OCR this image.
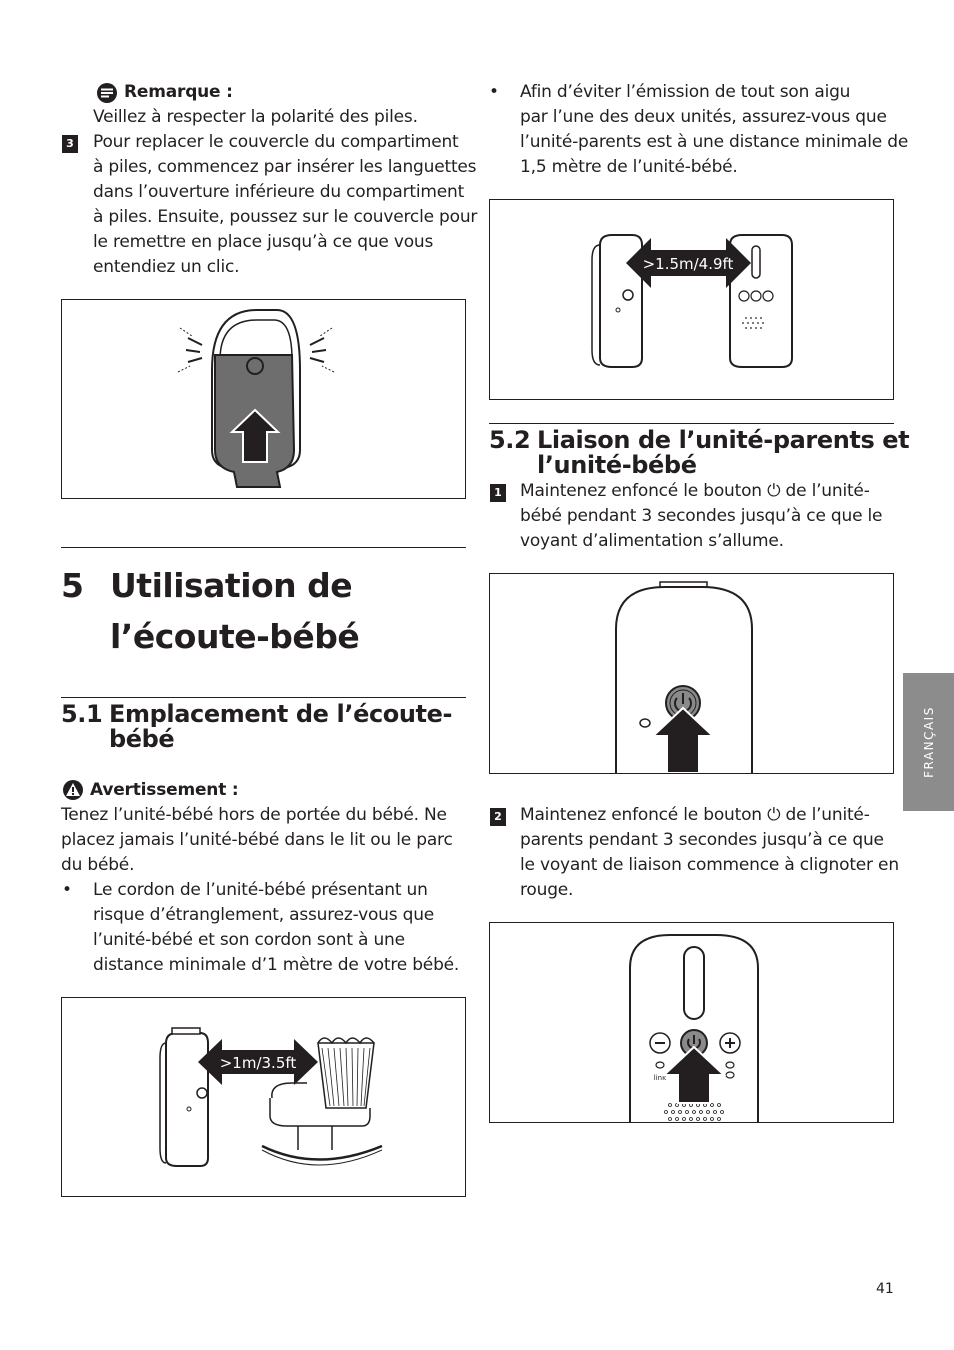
Remarque :
Veillez à respecter la polarité des piles.
3 Pour replacer le couvercle du compartiment
à piles, commencez par insérer les languettes
dans l’ouverture inférieure du compartiment
à piles. Ensuite, poussez sur le couvercle pour
le remettre en place jusqu’à ce que vous
entendiez un clic.
5 Utilisation de
l’écoute-bébé
5.1 Emplacement de l’écoute-
bébé
Avertissement :
Tenez l’unité-bébé hors de portée du bébé. Ne
placez jamais l’unité-bébé dans le lit ou le parc
du bébé.
• Le cordon de l’unité-bébé présentant un
risque d’étranglement, assurez-vous que
l’unité-bébé et son cordon sont à une
distance minimale d’1 mètre de votre bébé.
>1m/3.5ft
• Afin d’éviter l’émission de tout son aigu
par l’une des deux unités, assurez-vous que
l’unité-parents est à une distance minimale de
1,5 mètre de l’unité-bébé.
>1.5m/4.9ft
5.2 Liaison de l’unité-parents et
l’unité-bébé
1 Maintenez enfoncé le bouton ⏻ de l’unité-
bébé pendant 3 secondes jusqu’à ce que le
voyant d’alimentation s’allume.
2 Maintenez enfoncé le bouton ⏻ de l’unité-
parents pendant 3 secondes jusqu’à ce que
le voyant de liaison commence à clignoter en
rouge.
link
FRANÇAIS
41
